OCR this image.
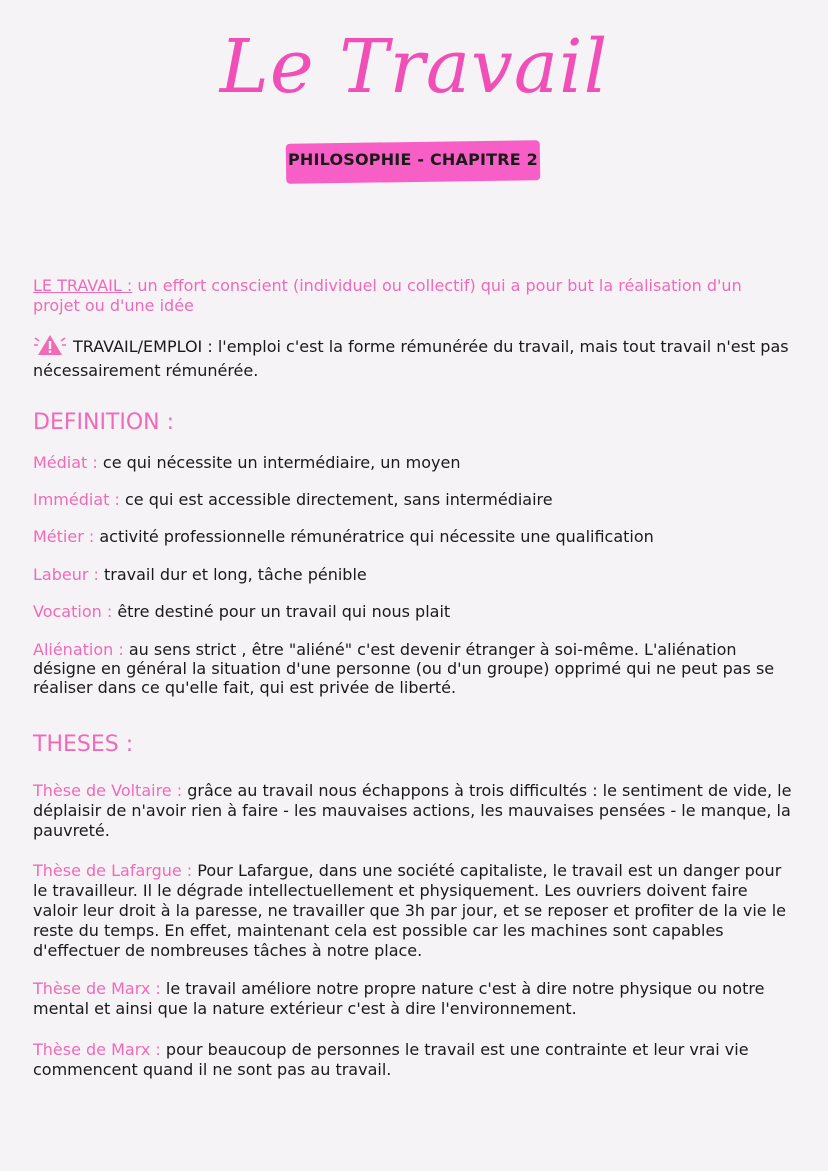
Le Travail
PHILOSOPHIE - CHAPITRE 2
LE TRAVAIL : un effort conscient (individuel ou collectif) qui a pour but la réalisation d'un projet ou d'une idée
TRAVAIL/EMPLOI : l'emploi c'est la forme rémunérée du travail, mais tout travail n'est pas nécessairement rémunérée.
DEFINITION :
Médiat : ce qui nécessite un intermédiaire, un moyen
Immédiat : ce qui est accessible directement, sans intermédiaire
Métier : activité professionnelle rémunératrice qui nécessite une qualification
Labeur : travail dur et long, tâche pénible
Vocation : être destiné pour un travail qui nous plait
Aliénation : au sens strict , être "aliéné" c'est devenir étranger à soi-même. L'aliénation désigne en général la situation d'une personne (ou d'un groupe) opprimé qui ne peut pas se réaliser dans ce qu'elle fait, qui est privée de liberté.
THESES :
Thèse de Voltaire : grâce au travail nous échappons à trois difficultés : le sentiment de vide, le déplaisir de n'avoir rien à faire - les mauvaises actions, les mauvaises pensées - le manque, la pauvreté.
Thèse de Lafargue : Pour Lafargue, dans une société capitaliste, le travail est un danger pour le travailleur. Il le dégrade intellectuellement et physiquement. Les ouvriers doivent faire valoir leur droit à la paresse, ne travailler que 3h par jour, et se reposer et profiter de la vie le reste du temps. En effet, maintenant cela est possible car les machines sont capables d'effectuer de nombreuses tâches à notre place.
Thèse de Marx : le travail améliore notre propre nature c'est à dire notre physique ou notre mental et ainsi que la nature extérieur c'est à dire l'environnement.
Thèse de Marx : pour beaucoup de personnes le travail est une contrainte et leur vrai vie commencent quand il ne sont pas au travail.
